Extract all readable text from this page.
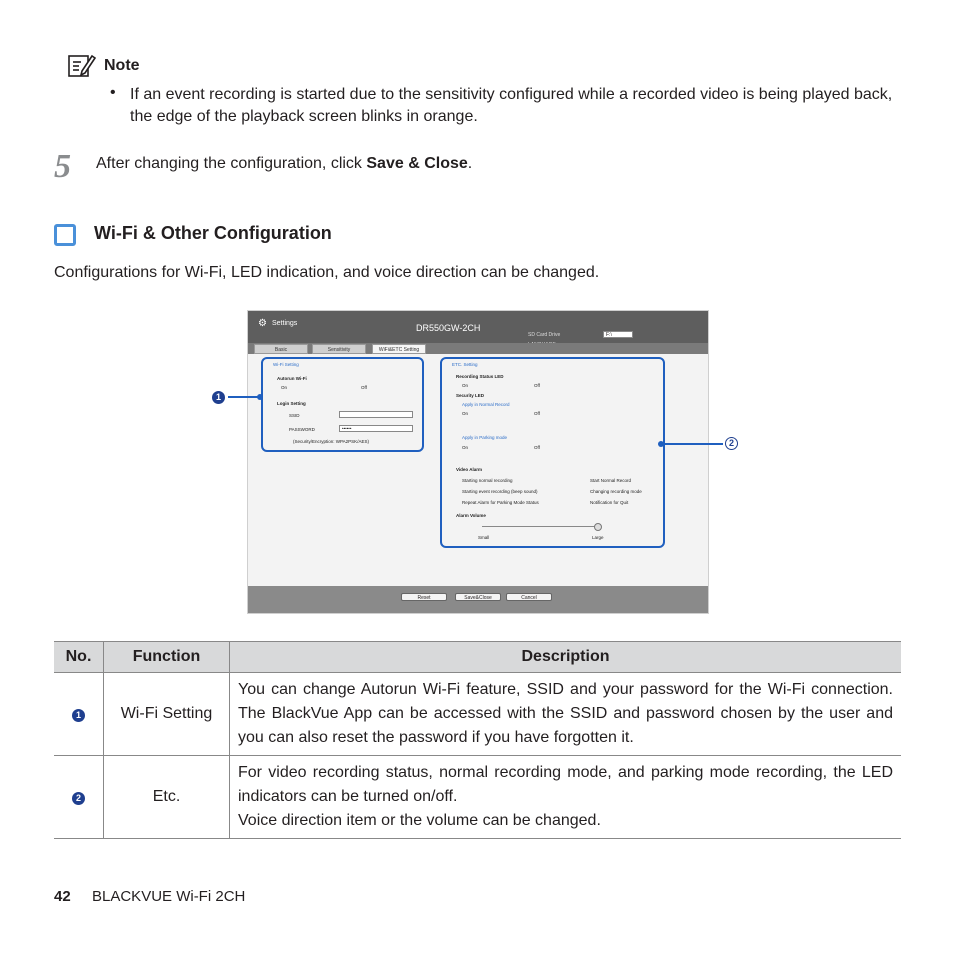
Note
• If an event recording is started due to the sensitivity configured while a recorded video is being played back, the edge of the playback screen blinks in orange.
5 After changing the configuration, click Save & Close.
Wi-Fi & Other Configuration
Configurations for Wi-Fi, LED indication, and voice direction can be changed.
⚙ Settings	DR550GW-2CH
SD Card Drive	F:\
Basic	Sensitivity	WiFi&ETC Setting
Wi-Fi Setting
Autorun Wi-Fi
On	Off
Login Setting
SSID
PASSWORD	••••••
(Security/Encryption: WPA2PSK/AES)
ETC. Setting
Recording Status LED
On	Off
Security LED
Apply in Normal Record
On	Off
Apply in Parking mode
On	Off
Video Alarm
Starting normal recording
Starting event recording (beep sound)
Repeat Alarm for Parking Mode Status
Start Normal Record
Changing recording mode
Notification for Quit
Alarm Volume
Small	Large
Reset	Save&Close	Cancel
1
2
No.	Function	Description
1	Wi-Fi Setting	You can change Autorun Wi-Fi feature, SSID and your password for the Wi-Fi connection. The BlackVue App can be accessed with the SSID and password chosen by the user and you can also reset the password if you have forgotten it.
2	Etc.	For video recording status, normal recording mode, and parking mode recording, the LED indicators can be turned on/off.
Voice direction item or the volume can be changed.
42 BLACKVUE Wi-Fi 2CH
